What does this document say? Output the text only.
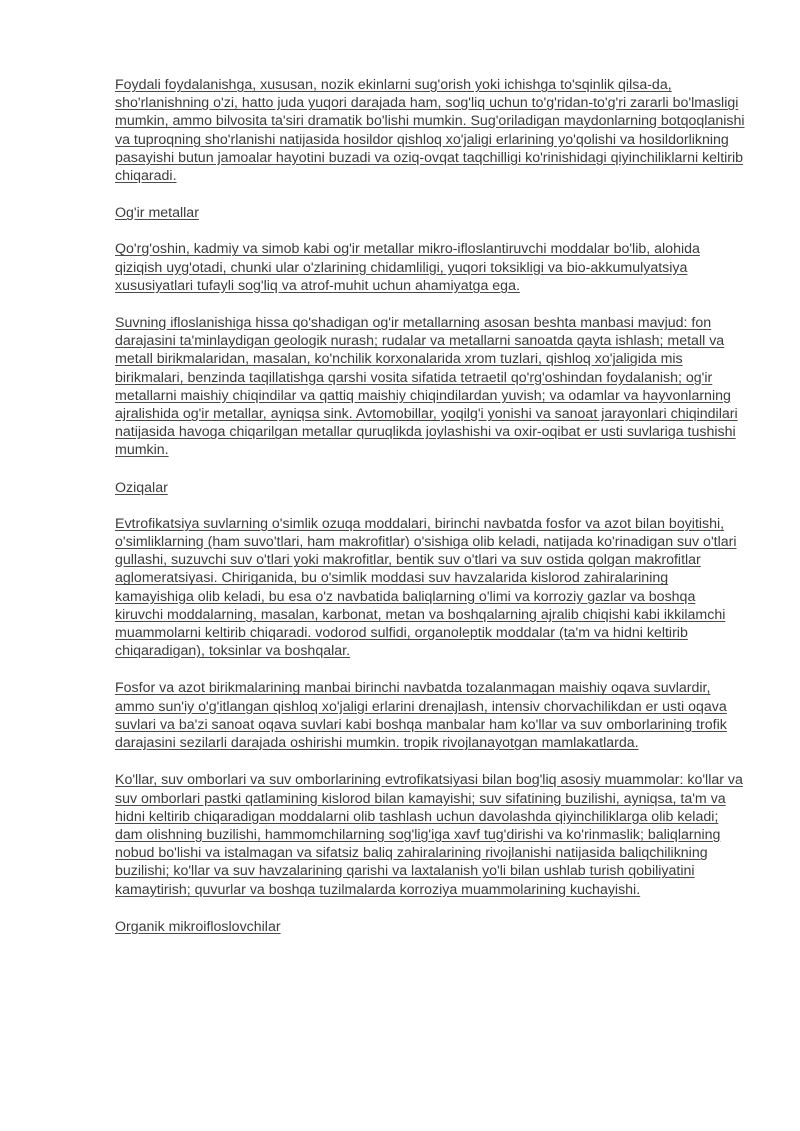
Foydali foydalanishga, xususan, nozik ekinlarni sug'orish yoki ichishga to'sqinlik qilsa-da, sho'rlanishning o'zi, hatto juda yuqori darajada ham, sog'liq uchun to'g'ridan-to'g'ri zararli bo'lmasligi mumkin, ammo bilvosita ta'siri dramatik bo'lishi mumkin. Sug'oriladigan maydonlarning botqoqlanishi va tuproqning sho'rlanishi natijasida hosildor qishloq xo'jaligi erlarining yo'qolishi va hosildorlikning pasayishi butun jamoalar hayotini buzadi va oziq-ovqat taqchilligi ko'rinishidagi qiyinchiliklarni keltirib chiqaradi.

Og'ir metallar

Qo'rg'oshin, kadmiy va simob kabi og'ir metallar mikro-ifloslantiruvchi moddalar bo'lib, alohida qiziqish uyg'otadi, chunki ular o'zlarining chidamliligi, yuqori toksikligi va bio-akkumulyatsiya xususiyatlari tufayli sog'liq va atrof-muhit uchun ahamiyatga ega.

Suvning ifloslanishiga hissa qo'shadigan og'ir metallarning asosan beshta manbasi mavjud: fon darajasini ta'minlaydigan geologik nurash; rudalar va metallarni sanoatda qayta ishlash; metall va metall birikmalaridan, masalan, ko'nchilik korxonalarida xrom tuzlari, qishloq xo'jaligida mis birikmalari, benzinda taqillatishga qarshi vosita sifatida tetraetil qo'rg'oshindan foydalanish; og'ir metallarni maishiy chiqindilar va qattiq maishiy chiqindilardan yuvish; va odamlar va hayvonlarning ajralishida og'ir metallar, ayniqsa sink. Avtomobillar, yoqilg'i yonishi va sanoat jarayonlari chiqindilari natijasida havoga chiqarilgan metallar quruqlikda joylashishi va oxir-oqibat er usti suvlariga tushishi mumkin.

Oziqalar

Evtrofikatsiya suvlarning o'simlik ozuqa moddalari, birinchi navbatda fosfor va azot bilan boyitishi, o'simliklarning (ham suvo'tlari, ham makrofitlar) o'sishiga olib keladi, natijada ko'rinadigan suv o'tlari gullashi, suzuvchi suv o'tlari yoki makrofitlar, bentik suv o'tlari va suv ostida qolgan makrofitlar aglomeratsiyasi. Chiriganida, bu o'simlik moddasi suv havzalarida kislorod zahiralarining kamayishiga olib keladi, bu esa o'z navbatida baliqlarning o'limi va korroziy gazlar va boshqa kiruvchi moddalarning, masalan, karbonat, metan va boshqalarning ajralib chiqishi kabi ikkilamchi muammolarni keltirib chiqaradi. vodorod sulfidi, organoleptik moddalar (ta'm va hidni keltirib chiqaradigan), toksinlar va boshqalar.

Fosfor va azot birikmalarining manbai birinchi navbatda tozalanmagan maishiy oqava suvlardir, ammo sun'iy o'g'itlangan qishloq xo'jaligi erlarini drenajlash, intensiv chorvachilikdan er usti oqava suvlari va ba'zi sanoat oqava suvlari kabi boshqa manbalar ham ko'llar va suv omborlarining trofik darajasini sezilarli darajada oshirishi mumkin. tropik rivojlanayotgan mamlakatlarda.

Ko'llar, suv omborlari va suv omborlarining evtrofikatsiyasi bilan bog'liq asosiy muammolar: ko'llar va suv omborlari pastki qatlamining kislorod bilan kamayishi; suv sifatining buzilishi, ayniqsa, ta'm va hidni keltirib chiqaradigan moddalarni olib tashlash uchun davolashda qiyinchiliklarga olib keladi; dam olishning buzilishi, hammomchilarning sog'lig'iga xavf tug'dirishi va ko'rinmaslik; baliqlarning nobud bo'lishi va istalmagan va sifatsiz baliq zahiralarining rivojlanishi natijasida baliqchilikning buzilishi; ko'llar va suv havzalarining qarishi va laxtalanish yo'li bilan ushlab turish qobiliyatini kamaytirish; quvurlar va boshqa tuzilmalarda korroziya muammolarining kuchayishi.

Organik mikroifloslovchilar
